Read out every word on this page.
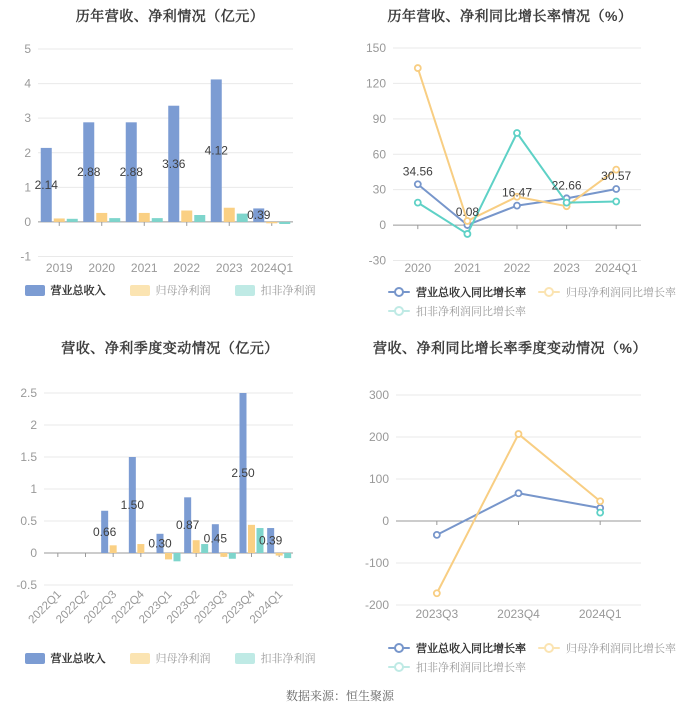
历年营收、净利情况（亿元）
5
4
3
2
1
0
-1
2019 2020 2021 2022 2023 2024Q1
2.14
2.88 2.88
3.36
4.12
0.39
营业总收入	归母净利润	扣非净利润
历年营收、净利同比增长率情况（%）
150
120
90
60
30
0
-30
2020 2021 2022 2023 2024Q1
34.56
0.08
16.47
22.66
30.57
营业总收入同比增长率	归母净利润同比增长率
扣非净利润同比增长率
营收、净利季度变动情况（亿元）
2.5
2
1.5
1
0.5
0
-0.5
2022Q1
2022Q2
2022Q3
2022Q4
2023Q1
2023Q2
2023Q3
2023Q4
2024Q1
0.66
1.50
0.30
0.87
0.45
2.50
0.39
营业总收入	归母净利润	扣非净利润
营收、净利同比增长率季度变动情况（%）
300
200
100
0
-100
-200
2023Q3	2023Q4	2024Q1
营业总收入同比增长率	归母净利润同比增长率
扣非净利润同比增长率
数据来源：恒生聚源
